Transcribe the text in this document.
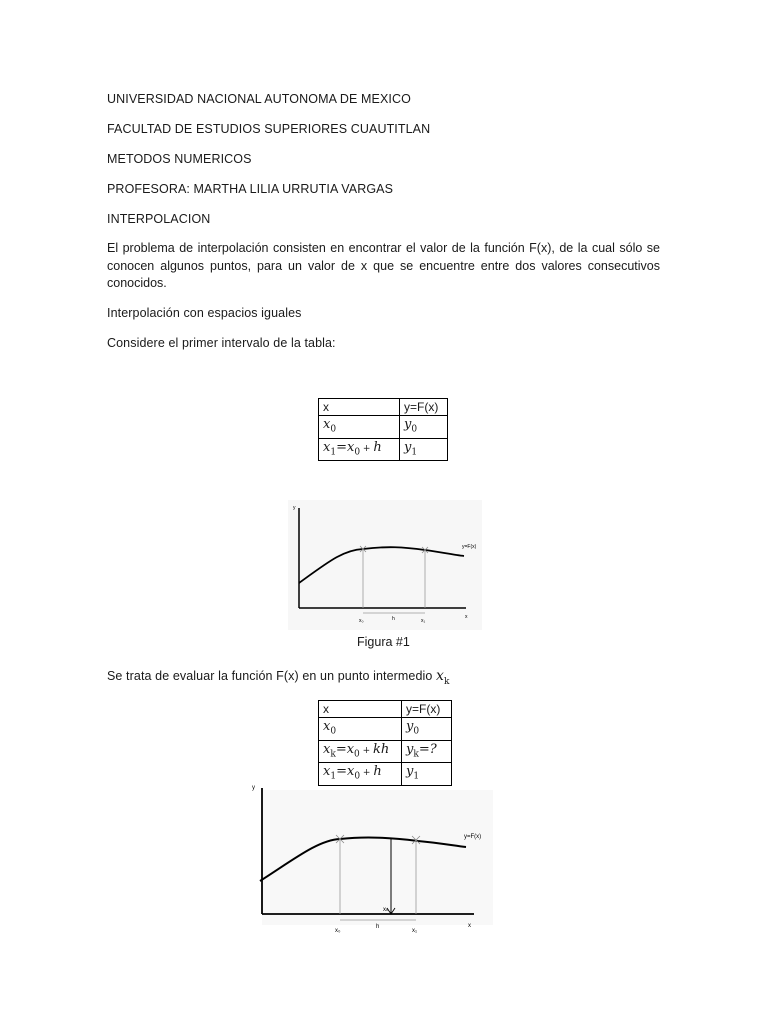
UNIVERSIDAD NACIONAL AUTONOMA DE MEXICO
FACULTAD DE ESTUDIOS SUPERIORES CUAUTITLAN
METODOS NUMERICOS
PROFESORA: MARTHA LILIA URRUTIA VARGAS
INTERPOLACION
El problema de interpolación consisten en encontrar el valor de la función F(x), de la cual sólo se conocen algunos puntos, para un valor de x que se encuentre entre dos valores consecutivos conocidos.
Interpolación con espacios iguales
Considere el primer intervalo de la tabla:
x	y=F(x)
$x_0$	$y_0$
$x_1=x_0 + h$	$y_1$
y
x
y=F(x)
x₀	h	x₁
Figura #1
Se trata de evaluar la función F(x) en un punto intermedio $x_k$
x	y=F(x)
$x_0$	$y_0$
$x_k=x_0$ + kh	$y_k=$?
$x_1=x_0 + h$	$y_1$
y
x
y=F(x)
x₀
h
x₁
xₖ
